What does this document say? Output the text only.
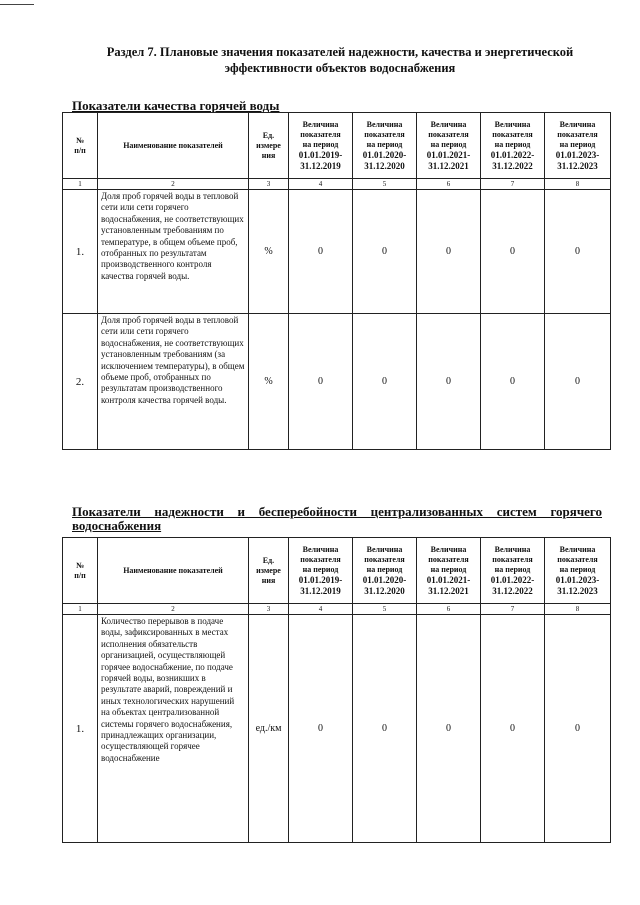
Раздел 7. Плановые значения показателей надежности, качества и энергетической
эффективности объектов водоснабжения
Показатели качества горячей воды
№
п/п	Наименование показателей	Ед.
измере
ния	Величина
показателя
на период
01.01.2019-
31.12.2019	Величина
показателя
на период
01.01.2020-
31.12.2020	Величина
показателя
на период
01.01.2021-
31.12.2021	Величина
показателя
на период
01.01.2022-
31.12.2022	Величина
показателя
на период
01.01.2023-
31.12.2023
1	2	3	4	5	6	7	8
1.	Доля проб горячей воды в тепловой сети или сети горячего водоснабжения, не соответствующих установленным требованиям по температуре, в общем объеме проб, отобранных по результатам производственного контроля качества горячей воды.	%	0	0	0	0	0
2.	Доля проб горячей воды в тепловой сети или сети горячего водоснабжения, не соответствующих установленным требованиям (за исключением температуры), в общем объеме проб, отобранных по результатам производственного контроля качества горячей воды.	%	0	0	0	0	0
Показатели надежности и бесперебойности централизованных систем горячего водоснабжения
№
п/п	Наименование показателей	Ед.
измере
ния	Величина
показателя
на период
01.01.2019-
31.12.2019	Величина
показателя
на период
01.01.2020-
31.12.2020	Величина
показателя
на период
01.01.2021-
31.12.2021	Величина
показателя
на период
01.01.2022-
31.12.2022	Величина
показателя
на период
01.01.2023-
31.12.2023
1	2	3	4	5	6	7	8
1.	Количество перерывов в подаче воды, зафиксированных в местах исполнения обязательств организацией, осуществляющей горячее водоснабжение, по подаче горячей воды, возникших в результате аварий, повреждений и иных технологических нарушений на объектах централизованной системы горячего водоснабжения, принадлежащих организации, осуществляющей горячее водоснабжение	ед./км	0	0	0	0	0
